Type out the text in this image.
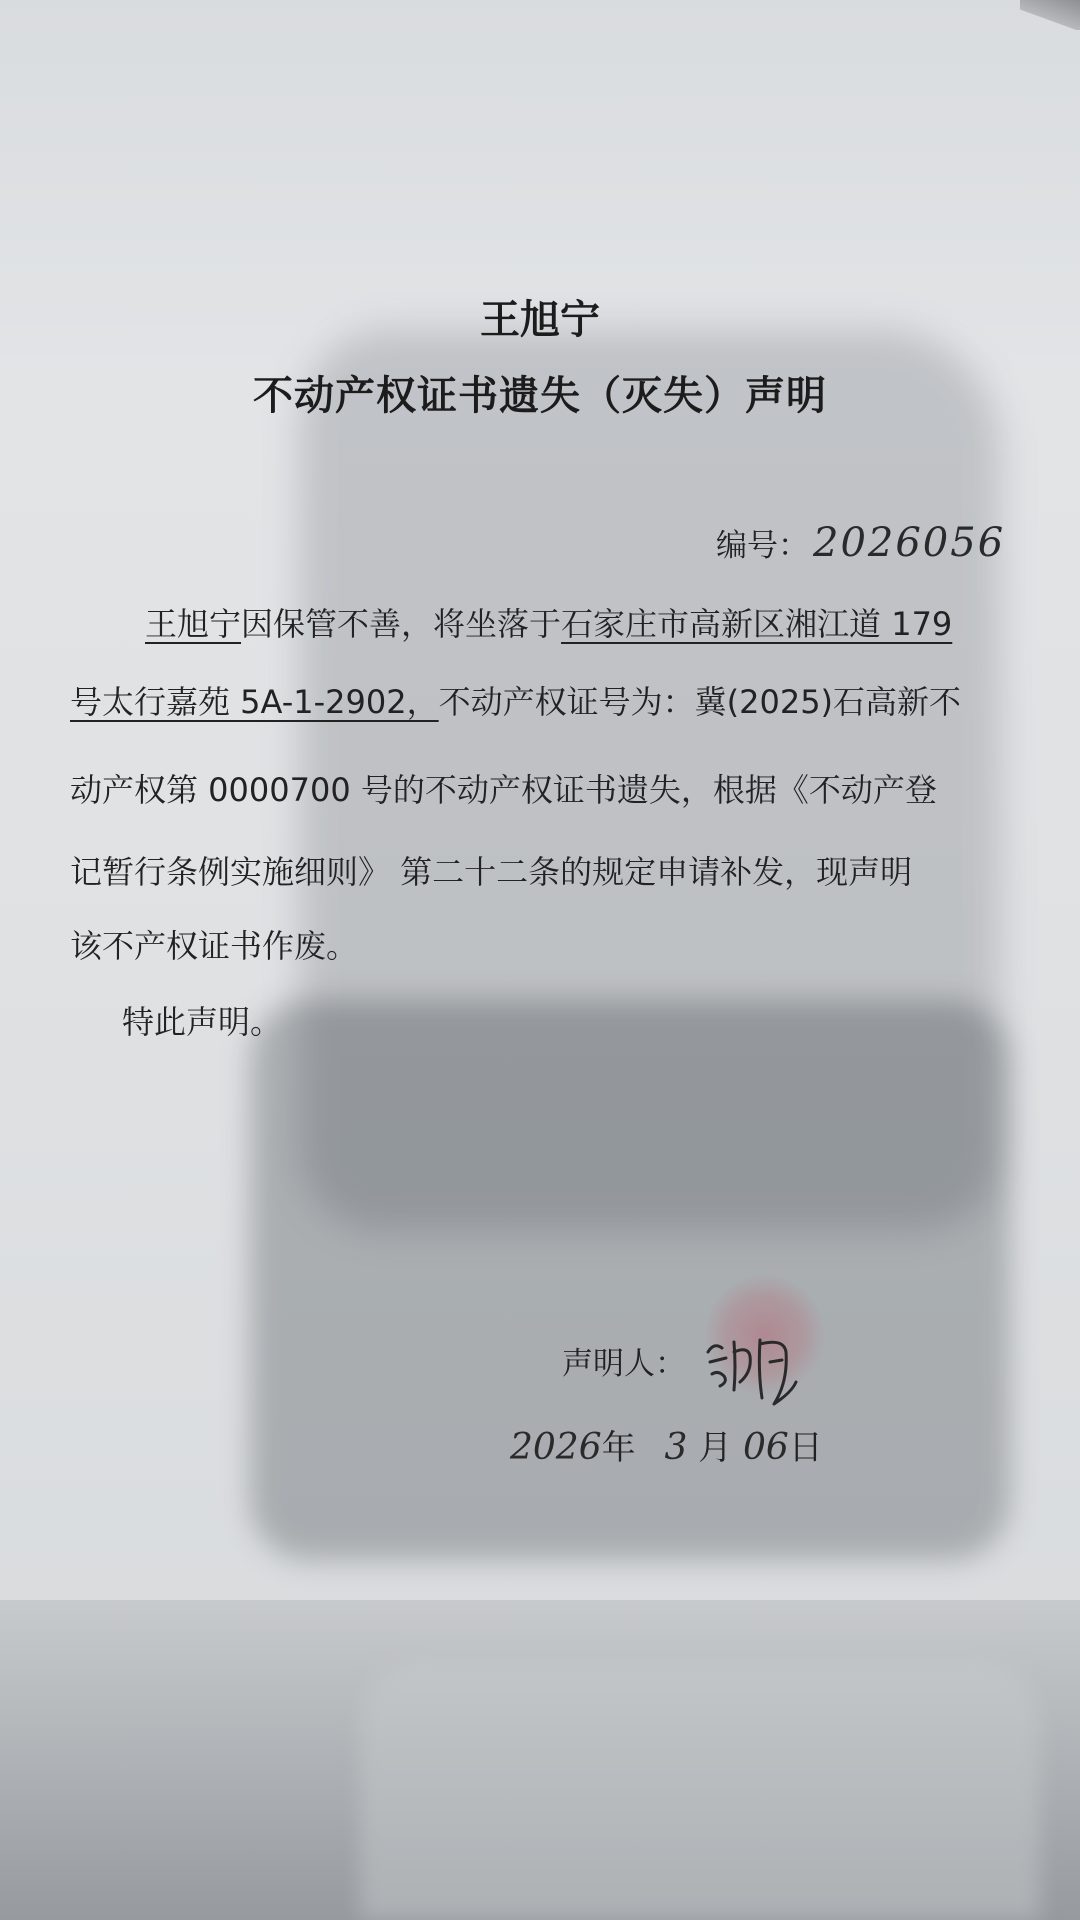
王旭宁
不动产权证书遗失（灭失）声明
编号： 2026056
王旭宁因保管不善，将坐落于石家庄市高新区湘江道 179
号太行嘉苑 5A-1-2902，不动产权证号为：冀(2025)石高新不
动产权第 0000700 号的不动产权证书遗失，根据《不动产登
记暂行条例实施细则》 第二十二条的规定申请补发，现声明
该不产权证书作废。
特此声明。
声明人：
2026年 3 月 06日
